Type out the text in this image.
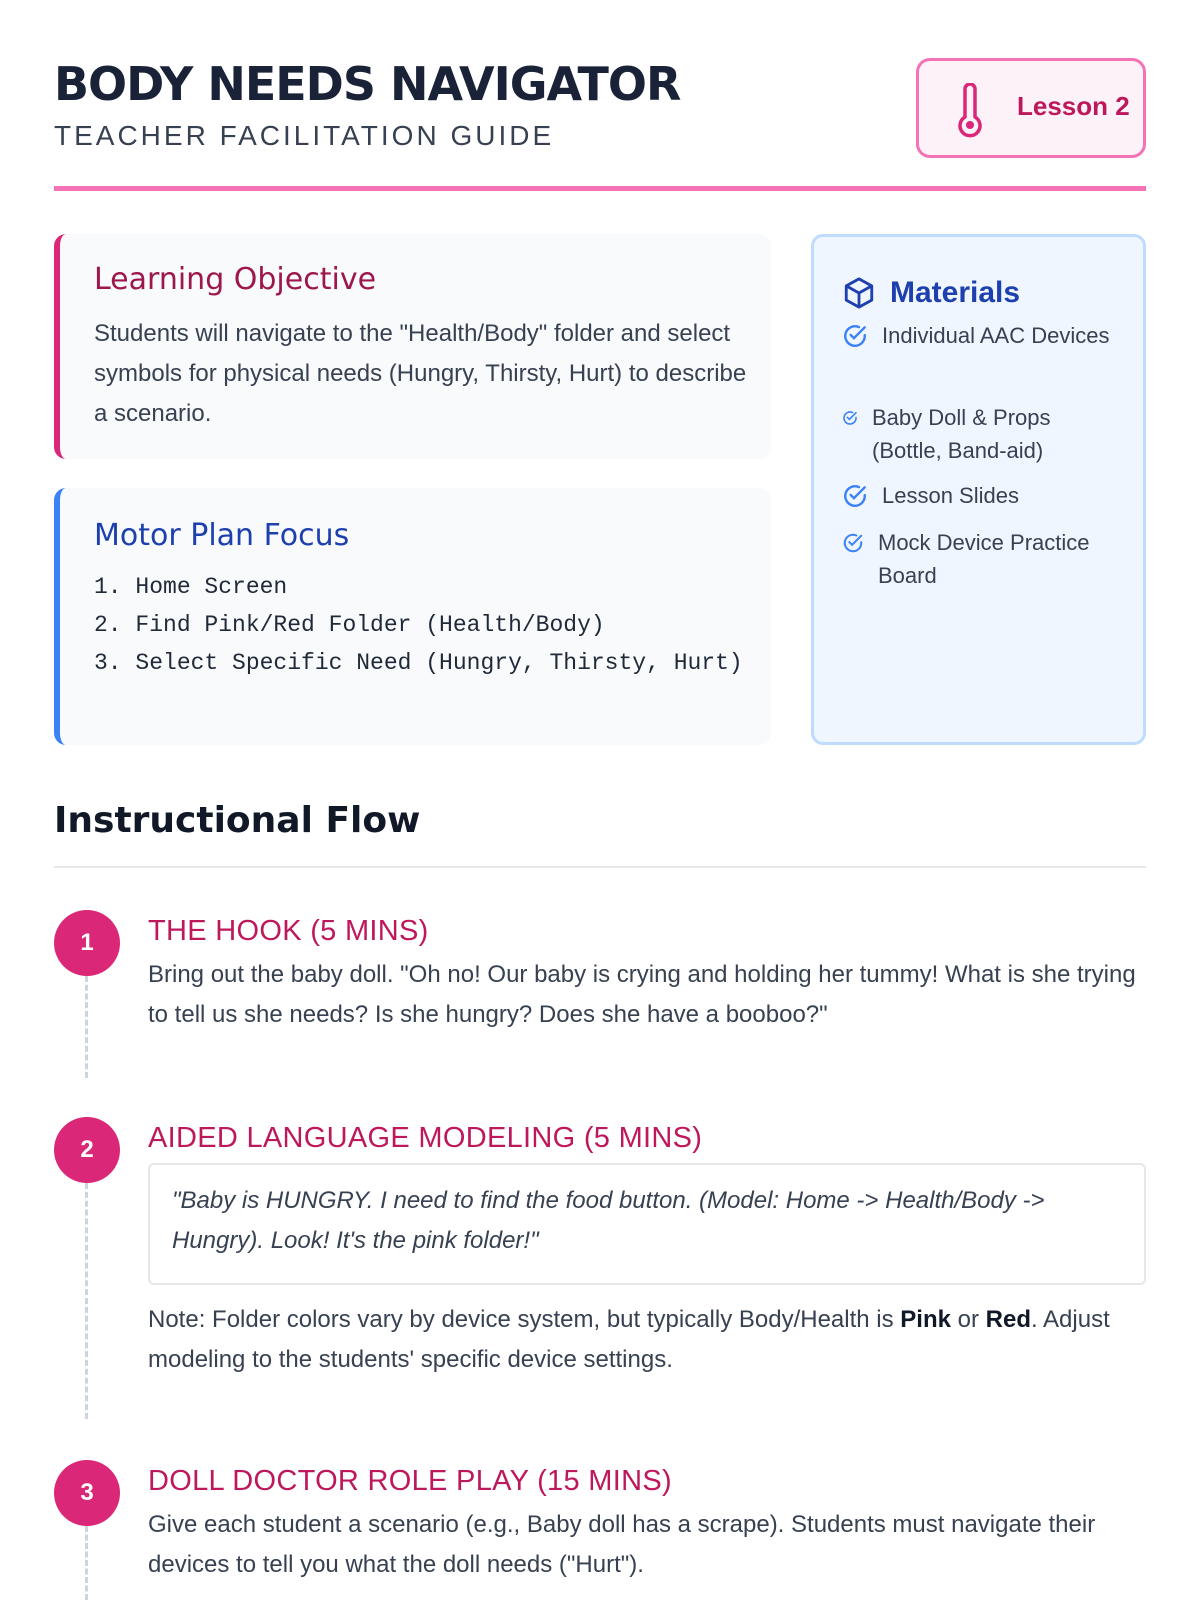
BODY NEEDS NAVIGATOR
TEACHER FACILITATION GUIDE
Lesson 2
Learning Objective

Students will navigate to the "Health/Body" folder and select symbols for physical needs (Hungry, Thirsty, Hurt) to describe a scenario.

Motor Plan Focus
1. Home Screen
2. Find Pink/Red Folder (Health/Body)
3. Select Specific Need (Hungry, Thirsty, Hurt)
Materials
Individual AAC Devices
Baby Doll & Props (Bottle, Band-aid)
Lesson Slides
Mock Device Practice Board
Instructional Flow
1	THE HOOK (5 MINS)

Bring out the baby doll. "Oh no! Our baby is crying and holding her tummy! What is she trying to tell us she needs? Is she hungry? Does she have a booboo?"

2	AIDED LANGUAGE MODELING (5 MINS)

"Baby is HUNGRY. I need to find the food button. (Model: Home -> Health/Body -> Hungry). Look! It's the pink folder!"

Note: Folder colors vary by device system, but typically Body/Health is Pink or Red. Adjust modeling to the students' specific device settings.

3	DOLL DOCTOR ROLE PLAY (15 MINS)

Give each student a scenario (e.g., Baby doll has a scrape). Students must navigate their devices to tell you what the doll needs ("Hurt").
